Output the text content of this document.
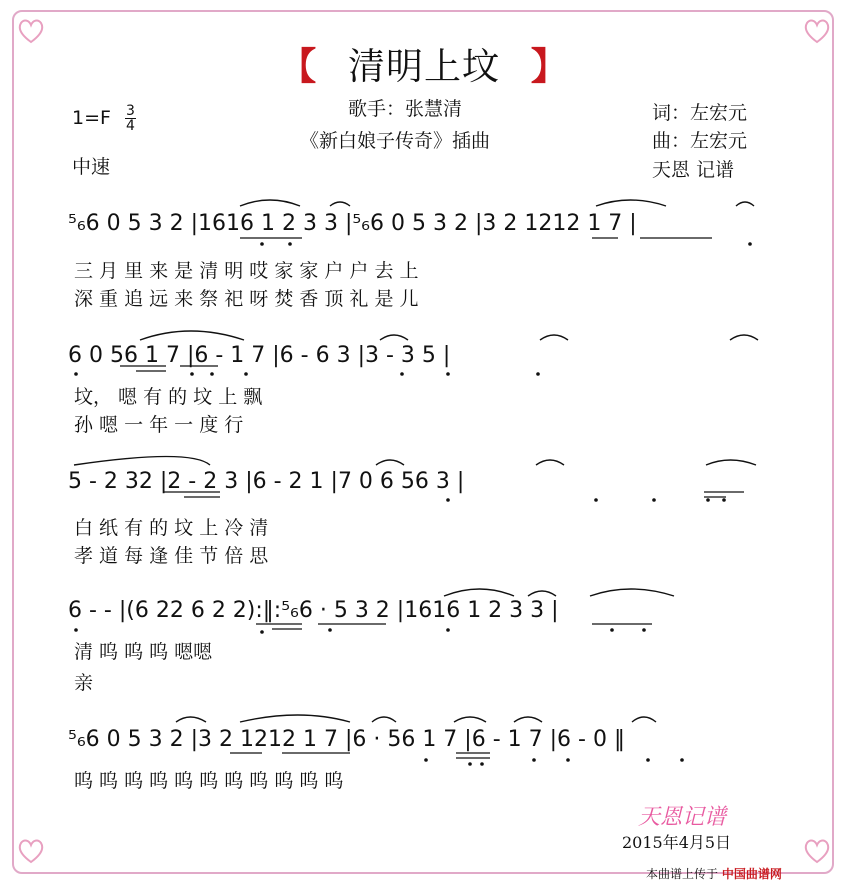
【 清明上坟 】
$1=F \frac{3}{4}$
中速
歌手：张慧清
《新白娘子传奇》插曲
词：左宏元
曲：左宏元
天恩 记谱
⁵₆6 0 5 3 2 |1616 1 2 3 3 |⁵₆6 0 5 3 2 |3 2 1212 1 7 |
三 月 里 来 是 清 明 哎 家 家 户 户 去 上
深 重 追 远 来 祭 祀 呀 焚 香 顶 礼 是 儿
6 0 56 1 7 |6 - 1 7 |6 - 6 3 |3 - 3 5 |
坟， 嗯 有 的 坟 上 飘
孙 嗯 一 年 一 度 行
5 - 2 32 |2 - 2 3 |6 - 2 1 |7 0 6 56 3 |
白 纸 有 的 坟 上 冷 清
孝 道 每 逢 佳 节 倍 思
6 - - |(6 22 6 2 2):‖:⁵₆6 · 5 3 2 |1616 1 2 3 3 |
清 呜 呜 呜 嗯嗯
亲
⁵₆6 0 5 3 2 |3 2 1212 1 7 |6 · 56 1 7 |6 - 1 7 |6 - 0 ‖
呜 呜 呜 呜 呜 呜 呜 呜 呜 呜 呜
天恩记谱
2015年4月5日
本曲谱上传于 中国曲谱网
